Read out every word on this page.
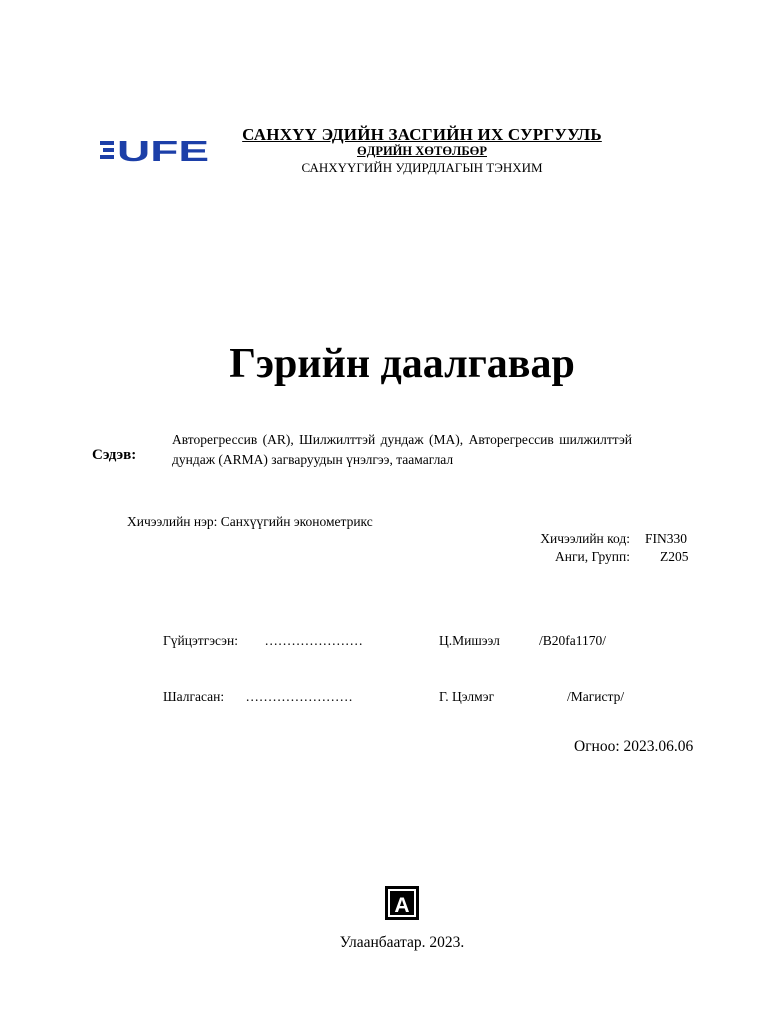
UFE
САНХҮҮ ЭДИЙН ЗАСГИЙН ИХ СУРГУУЛЬ
ӨДРИЙН ХӨТӨЛБӨР
САНХҮҮГИЙН УДИРДЛАГЫН ТЭНХИМ
Гэрийн даалгавар
Сэдэв:
Авторегрессив (AR), Шилжилттэй дундаж (MA), Авторегрессив шилжилттэй дундаж (ARMA) загваруудын үнэлгээ, таамаглал
Хичээлийн нэр: Санхүүгийн эконометрикс
Хичээлийн код: FIN330
Анги, Групп: Z205
Гүйцэтгэсэн: ......................	Ц.Мишээл	/B20fa1170/
Шалгасан: ........................	Г. Цэлмэг	/Магистр/
Огноо: 2023.06.06
A
Улаанбаатар. 2023.
